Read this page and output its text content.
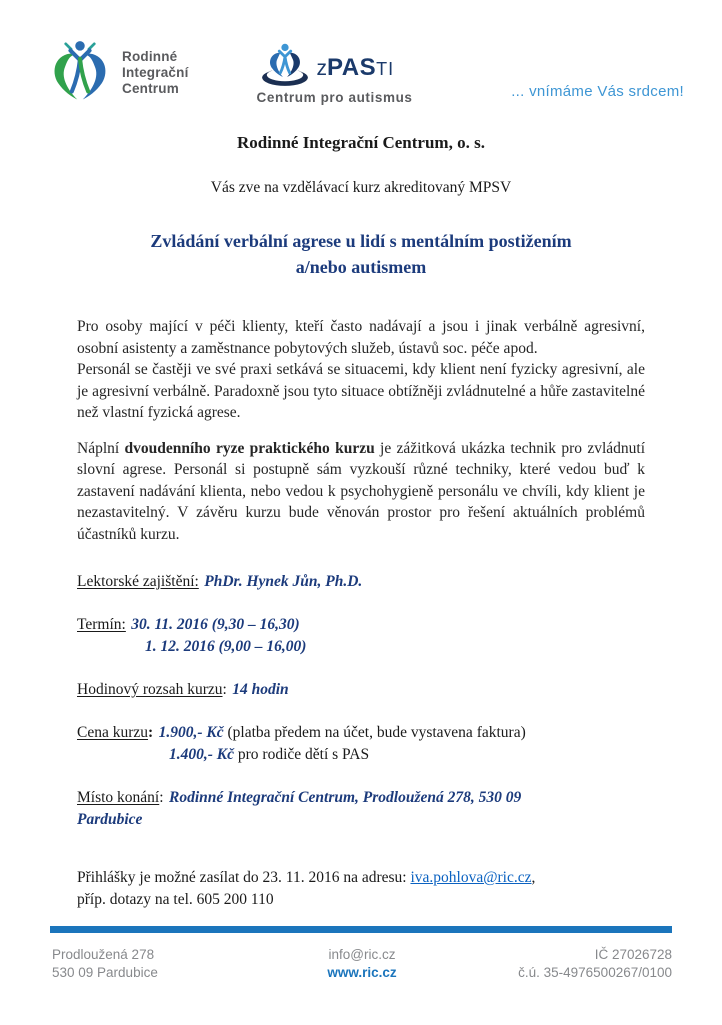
Rodinné
Integrační
Centrum
zPASTI
Centrum pro autismus	... vnímáme Vás srdcem!
Rodinné Integrační Centrum, o. s.
Vás zve na vzdělávací kurz akreditovaný MPSV
Zvládání verbální agrese u lidí s mentálním postižením
a/nebo autismem
Pro osoby mající v péči klienty, kteří často nadávají a jsou i jinak verbálně agresivní, osobní asistenty a zaměstnance pobytových služeb, ústavů soc. péče apod.
Personál se častěji ve své praxi setkává se situacemi, kdy klient není fyzicky agresivní, ale je agresivní verbálně. Paradoxně jsou tyto situace obtížněji zvládnutelné a hůře zastavitelné než vlastní fyzická agrese.
Náplní dvoudenního ryze praktického kurzu je zážitková ukázka technik pro zvládnutí slovní agrese. Personál si postupně sám vyzkouší různé techniky, které vedou buď k zastavení nadávání klienta, nebo vedou k psychohygieně personálu ve chvíli, kdy klient je nezastavitelný. V závěru kurzu bude věnován prostor pro řešení aktuálních problémů účastníků kurzu.
Lektorské zajištění: PhDr. Hynek Jůn, Ph.D.
Termín: 30. 11. 2016 (9,30 – 16,30)
1. 12. 2016 (9,00 – 16,00)
Hodinový rozsah kurzu: 14 hodin
Cena kurzu: 1.900,- Kč (platba předem na účet, bude vystavena faktura)
1.400,- Kč pro rodiče dětí s PAS
Místo konání: Rodinné Integrační Centrum, Prodloužená 278, 530 09
Pardubice
Přihlášky je možné zasílat do 23. 11. 2016 na adresu: iva.pohlova@ric.cz,
příp. dotazy na tel. 605 200 110
Prodloužená 278
530 09 Pardubice
info@ric.cz
www.ric.cz
IČ 27026728
č.ú. 35-4976500267/0100
